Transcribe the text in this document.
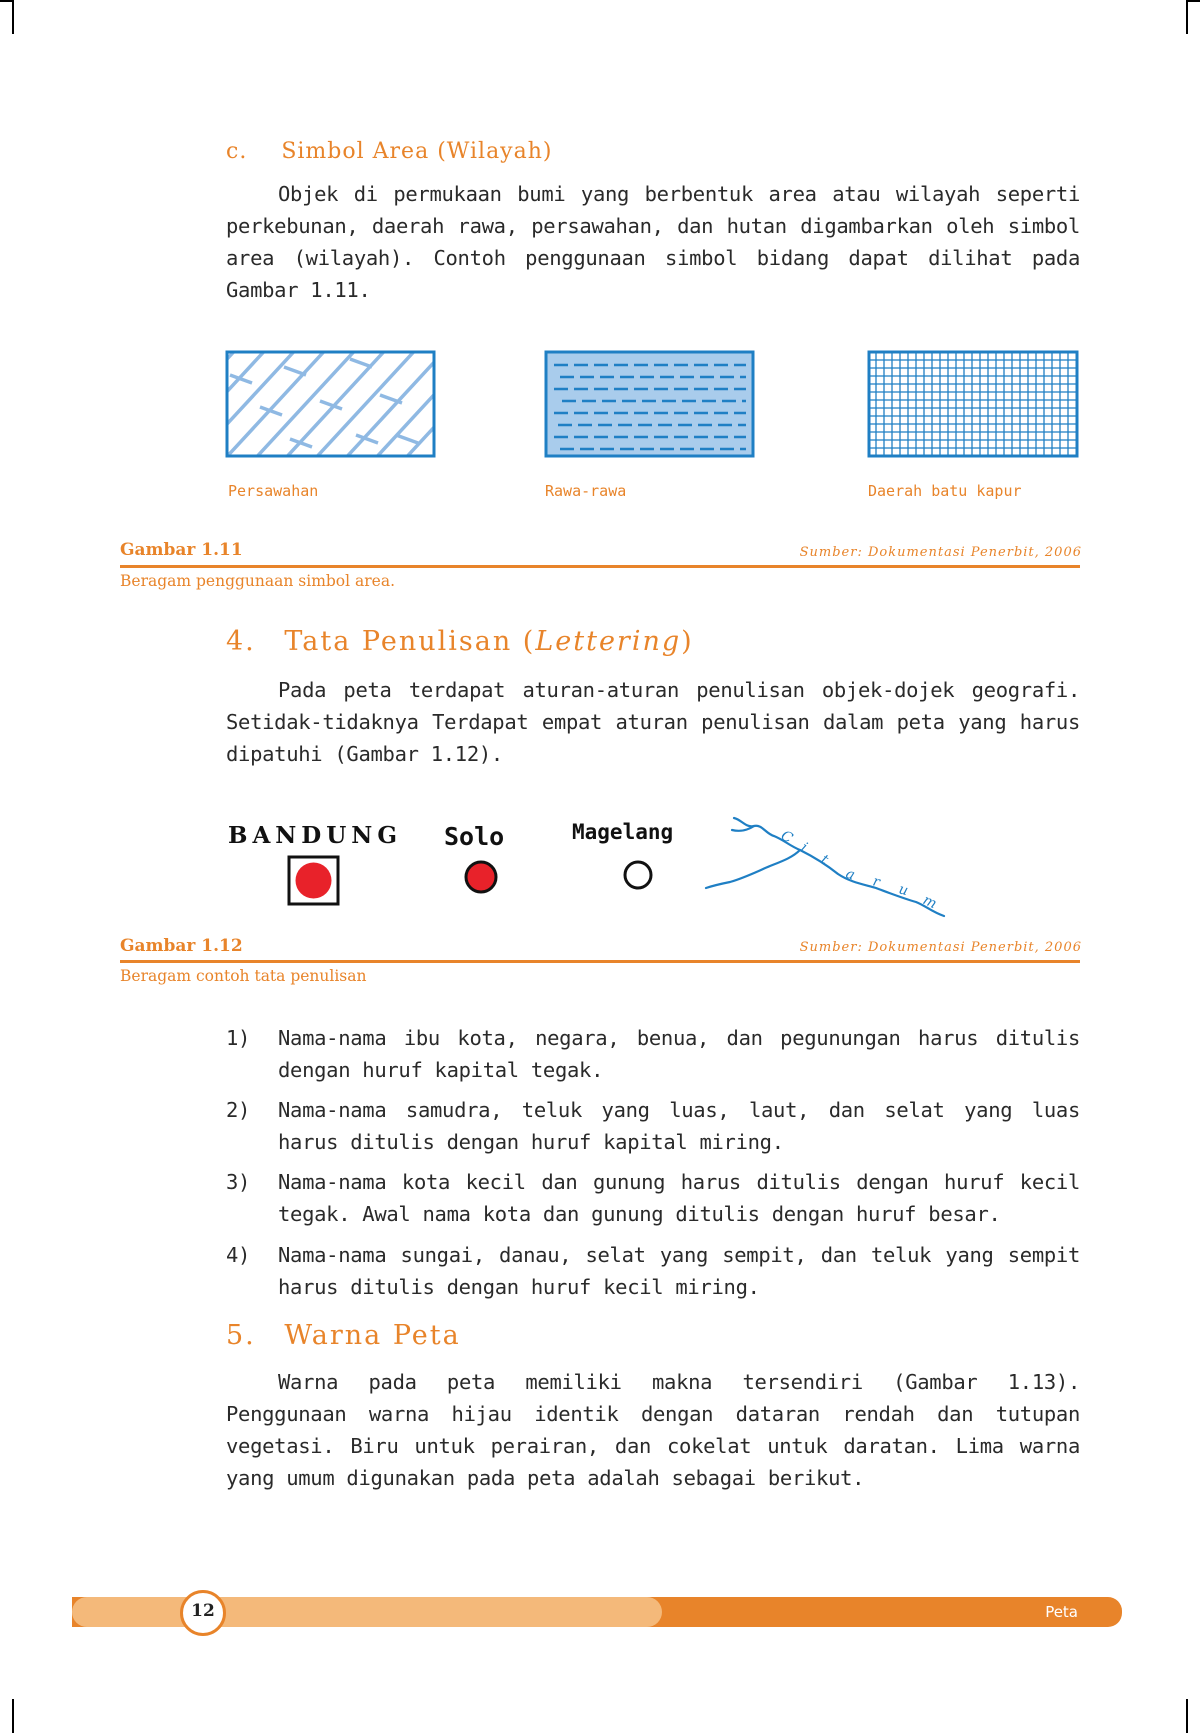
c. Simbol Area (Wilayah)

Objek di permukaan bumi yang berbentuk area atau wilayah seperti perkebunan, daerah rawa, persawahan, dan hutan digambarkan oleh simbol area (wilayah). Contoh penggunaan simbol bidang dapat dilihat pada Gambar 1.11.

Persawahan	Rawa-rawa	Daerah batu kapur
Gambar 1.11	Sumber: Dokumentasi Penerbit, 2006
Beragam penggunaan simbol area.
4. Tata Penulisan (Lettering)

Pada peta terdapat aturan-aturan penulisan objek-dojek geografi. Setidak-tidaknya Terdapat empat aturan penulisan dalam peta yang harus dipatuhi (Gambar 1.12).

BANDUNG Solo	Magelang	C
i
t
a r u
m
Gambar 1.12	Sumber: Dokumentasi Penerbit, 2006
Beragam contoh tata penulisan
1) Nama-nama ibu kota, negara, benua, dan pegunungan harus ditulis dengan huruf kapital tegak.
2) Nama-nama samudra, teluk yang luas, laut, dan selat yang luas harus ditulis dengan huruf kapital miring.
3) Nama-nama kota kecil dan gunung harus ditulis dengan huruf kecil tegak. Awal nama kota dan gunung ditulis dengan huruf besar.
4) Nama-nama sungai, danau, selat yang sempit, dan teluk yang sempit harus ditulis dengan huruf kecil miring.
5. Warna Peta

Warna pada peta memiliki makna tersendiri (Gambar 1.13). Penggunaan warna hijau identik dengan dataran rendah dan tutupan vegetasi. Biru untuk perairan, dan cokelat untuk daratan. Lima warna yang umum digunakan pada peta adalah sebagai berikut.

12	Peta
